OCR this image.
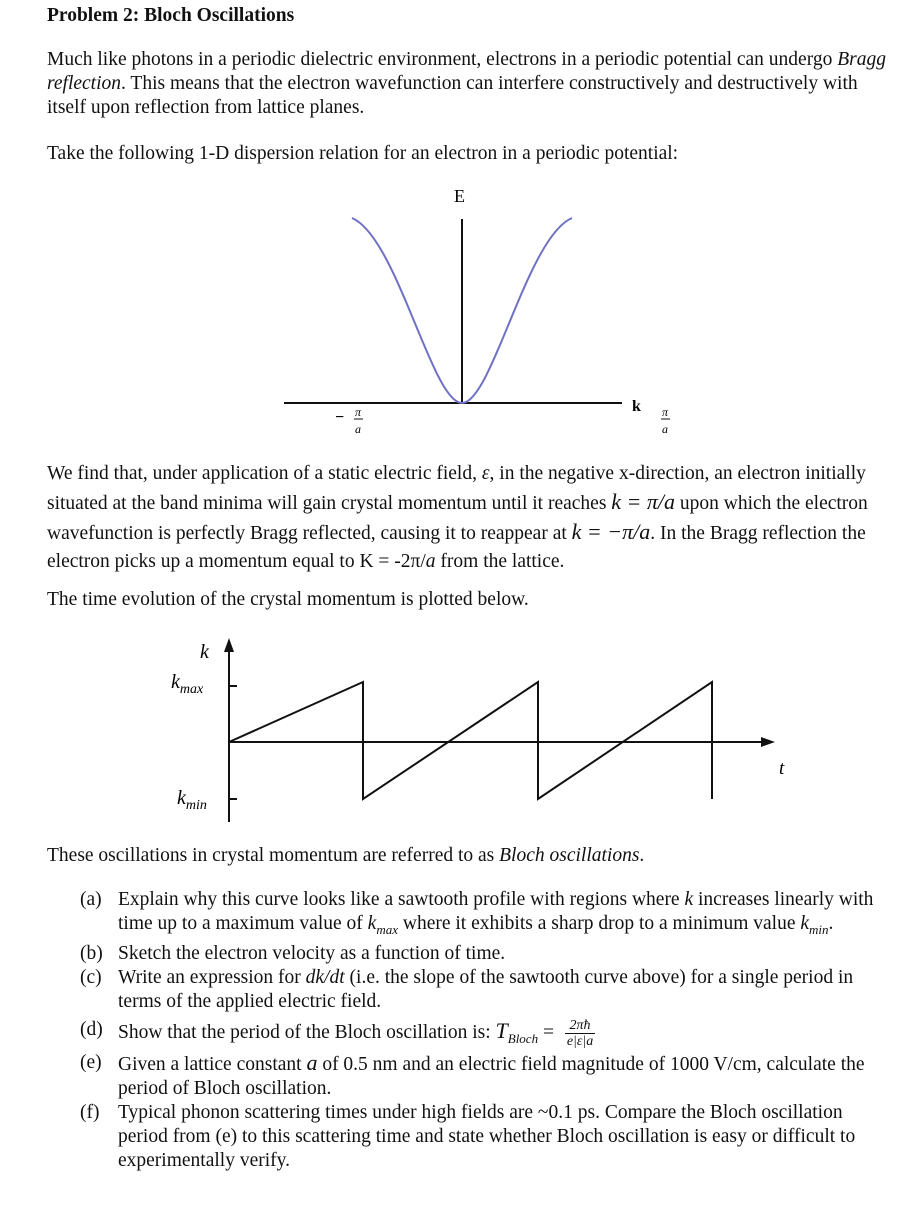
Problem 2: Bloch Oscillations

Much like photons in a periodic dielectric environment, electrons in a periodic potential can undergo Bragg reflection. This means that the electron wavefunction can interfere constructively and destructively with itself upon reflection from lattice planes.

Take the following 1-D dispersion relation for an electron in a periodic potential:

E
k
− π
a
π
a

We find that, under application of a static electric field, ε, in the negative x-direction, an electron initially situated at the band minima will gain crystal momentum until it reaches k = π/a upon which the electron wavefunction is perfectly Bragg reflected, causing it to reappear at k = −π/a. In the Bragg reflection the electron picks up a momentum equal to K = -2π/a from the lattice.

The time evolution of the crystal momentum is plotted below.

k
$k_{max}$
$k_{min}$
t

These oscillations in crystal momentum are referred to as Bloch oscillations.

(a) Explain why this curve looks like a sawtooth profile with regions where k increases linearly with time up to a maximum value of $k_{max}$ where it exhibits a sharp drop to a minimum value $k_{min}$.
(b) Sketch the electron velocity as a function of time.
(c) Write an expression for dk/dt (i.e. the slope of the sawtooth curve above) for a single period in terms of the applied electric field.
(d) Show that the period of the Bloch oscillation is: $T_{Bloch} = \frac{2\pi ħ}{e|\varepsilon|a}$
(e) Given a lattice constant a of 0.5 nm and an electric field magnitude of 1000 V/cm, calculate the period of Bloch oscillation.
(f) Typical phonon scattering times under high fields are ~0.1 ps. Compare the Bloch oscillation period from (e) to this scattering time and state whether Bloch oscillation is easy or difficult to experimentally verify.
